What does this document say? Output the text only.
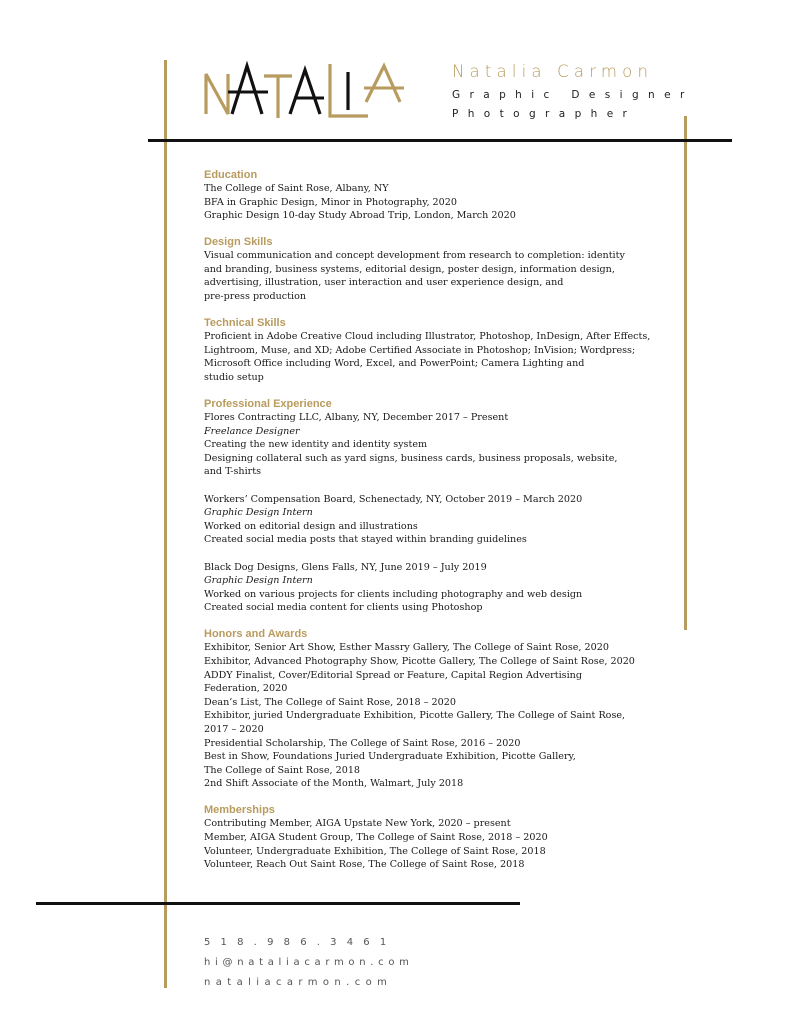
Natalia Carmon
Graphic Designer
Photographer
Education
The College of Saint Rose, Albany, NY
BFA in Graphic Design, Minor in Photography, 2020
Graphic Design 10-day Study Abroad Trip, London, March 2020
Design Skills
Visual communication and concept development from research to completion: identity
and branding, business systems, editorial design, poster design, information design,
advertising, illustration, user interaction and user experience design, and
pre-press production
Technical Skills
Proficient in Adobe Creative Cloud including Illustrator, Photoshop, InDesign, After Effects,
Lightroom, Muse, and XD; Adobe Certified Associate in Photoshop; InVision; Wordpress;
Microsoft Office including Word, Excel, and PowerPoint; Camera Lighting and
studio setup
Professional Experience
Flores Contracting LLC, Albany, NY, December 2017 – Present
Freelance Designer
Creating the new identity and identity system
Designing collateral such as yard signs, business cards, business proposals, website,
and T-shirts
Workers’ Compensation Board, Schenectady, NY, October 2019 – March 2020
Graphic Design Intern
Worked on editorial design and illustrations
Created social media posts that stayed within branding guidelines
Black Dog Designs, Glens Falls, NY, June 2019 – July 2019
Graphic Design Intern
Worked on various projects for clients including photography and web design
Created social media content for clients using Photoshop
Honors and Awards
Exhibitor, Senior Art Show, Esther Massry Gallery, The College of Saint Rose, 2020
Exhibitor, Advanced Photography Show, Picotte Gallery, The College of Saint Rose, 2020
ADDY Finalist, Cover/Editorial Spread or Feature, Capital Region Advertising
Federation, 2020
Dean’s List, The College of Saint Rose, 2018 – 2020
Exhibitor, juried Undergraduate Exhibition, Picotte Gallery, The College of Saint Rose,
2017 – 2020
Presidential Scholarship, The College of Saint Rose, 2016 – 2020
Best in Show, Foundations Juried Undergraduate Exhibition, Picotte Gallery,
The College of Saint Rose, 2018
2nd Shift Associate of the Month, Walmart, July 2018
Memberships
Contributing Member, AIGA Upstate New York, 2020 – present
Member, AIGA Student Group, The College of Saint Rose, 2018 – 2020
Volunteer, Undergraduate Exhibition, The College of Saint Rose, 2018
Volunteer, Reach Out Saint Rose, The College of Saint Rose, 2018
518.986.3461
hi@nataliacarmon.com
nataliacarmon.com
